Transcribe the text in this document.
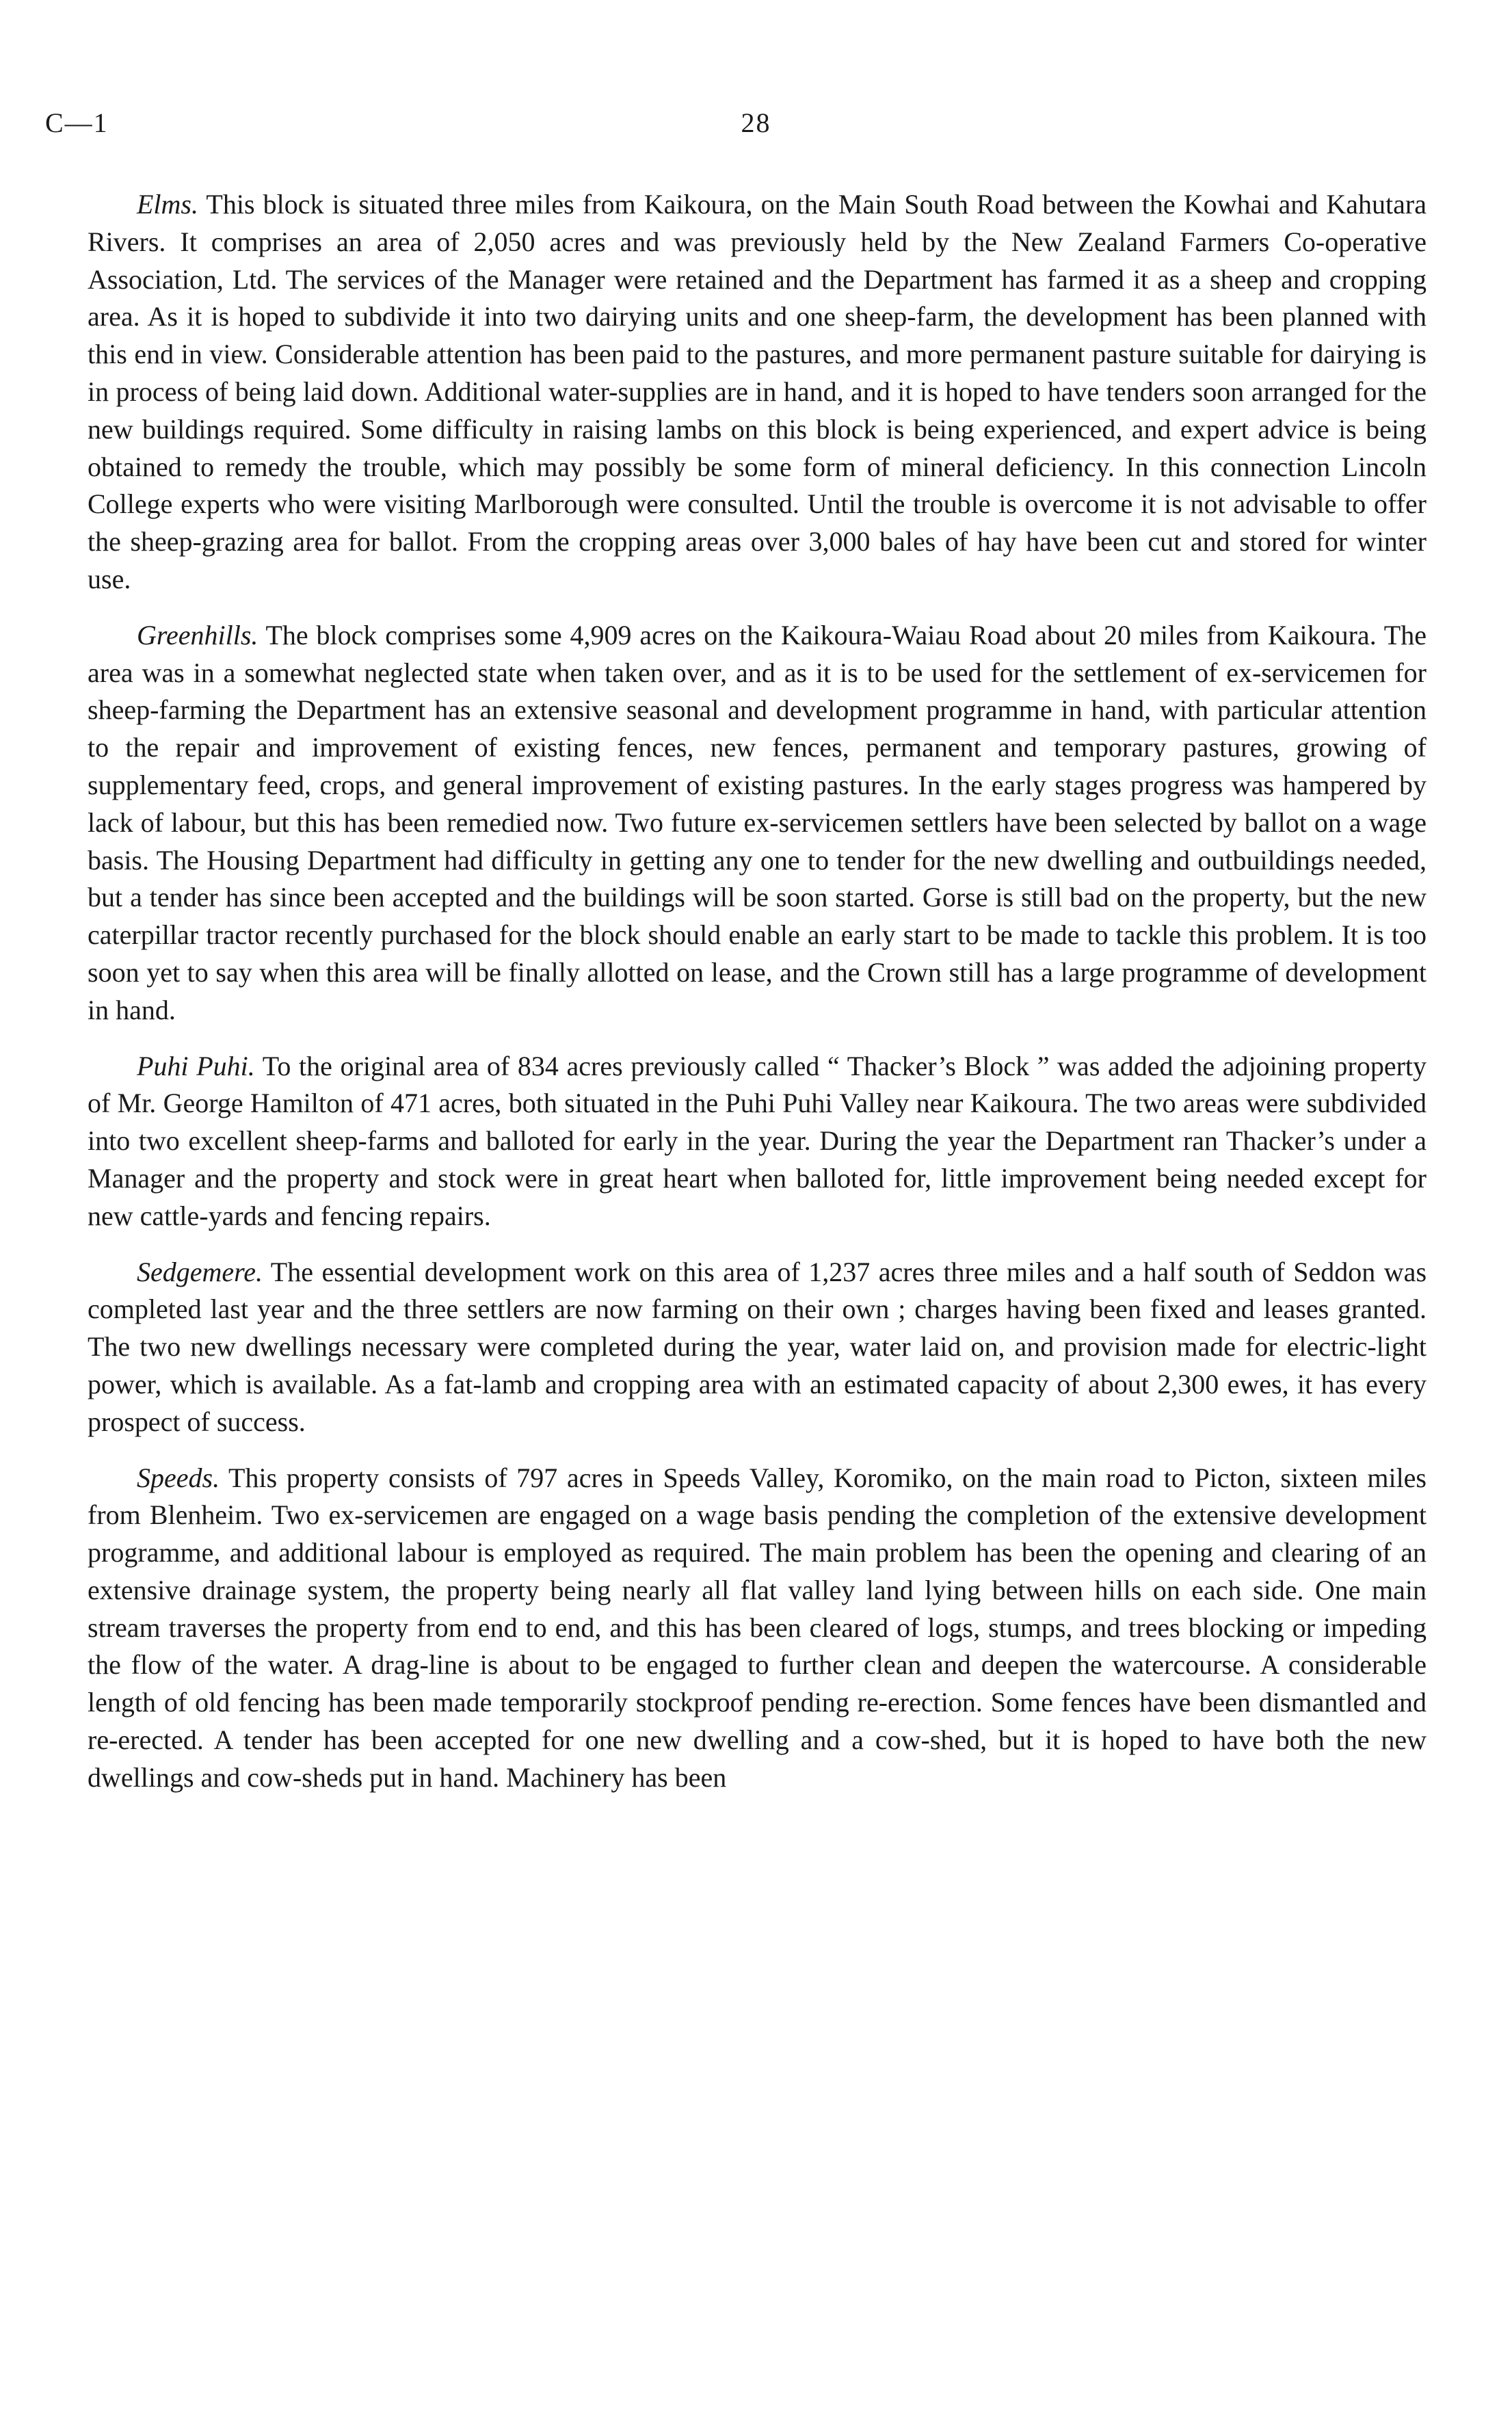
C—1	28

Elms. This block is situated three miles from Kaikoura, on the Main South Road between the Kowhai and Kahutara Rivers. It comprises an area of 2,050 acres and was previously held by the New Zealand Farmers Co-operative Association, Ltd. The services of the Manager were retained and the Department has farmed it as a sheep and cropping area. As it is hoped to subdivide it into two dairying units and one sheep-farm, the development has been planned with this end in view. Considerable attention has been paid to the pastures, and more permanent pasture suitable for dairying is in process of being laid down. Additional water-supplies are in hand, and it is hoped to have tenders soon arranged for the new buildings required. Some difficulty in raising lambs on this block is being experienced, and expert advice is being obtained to remedy the trouble, which may possibly be some form of mineral deficiency. In this connection Lincoln College experts who were visiting Marlborough were consulted. Until the trouble is overcome it is not advisable to offer the sheep-grazing area for ballot. From the cropping areas over 3,000 bales of hay have been cut and stored for winter use.

Greenhills. The block comprises some 4,909 acres on the Kaikoura-Waiau Road about 20 miles from Kaikoura. The area was in a somewhat neglected state when taken over, and as it is to be used for the settlement of ex-servicemen for sheep-farming the Department has an extensive seasonal and development programme in hand, with particular attention to the repair and improvement of existing fences, new fences, permanent and temporary pastures, growing of supplementary feed, crops, and general improvement of existing pastures. In the early stages progress was hampered by lack of labour, but this has been remedied now. Two future ex-servicemen settlers have been selected by ballot on a wage basis. The Housing Department had difficulty in getting any one to tender for the new dwelling and outbuildings needed, but a tender has since been accepted and the buildings will be soon started. Gorse is still bad on the property, but the new caterpillar tractor recently purchased for the block should enable an early start to be made to tackle this problem. It is too soon yet to say when this area will be finally allotted on lease, and the Crown still has a large programme of development in hand.

Puhi Puhi. To the original area of 834 acres previously called “ Thacker’s Block ” was added the adjoining property of Mr. George Hamilton of 471 acres, both situated in the Puhi Puhi Valley near Kaikoura. The two areas were subdivided into two excellent sheep-farms and balloted for early in the year. During the year the Department ran Thacker’s under a Manager and the property and stock were in great heart when balloted for, little improvement being needed except for new cattle-yards and fencing repairs.

Sedgemere. The essential development work on this area of 1,237 acres three miles and a half south of Seddon was completed last year and the three settlers are now farming on their own ; charges having been fixed and leases granted. The two new dwellings necessary were completed during the year, water laid on, and provision made for electric-light power, which is available. As a fat-lamb and cropping area with an estimated capacity of about 2,300 ewes, it has every prospect of success.

Speeds. This property consists of 797 acres in Speeds Valley, Koromiko, on the main road to Picton, sixteen miles from Blenheim. Two ex-servicemen are engaged on a wage basis pending the completion of the extensive development programme, and additional labour is employed as required. The main problem has been the opening and clearing of an extensive drainage system, the property being nearly all flat valley land lying between hills on each side. One main stream traverses the property from end to end, and this has been cleared of logs, stumps, and trees blocking or impeding the flow of the water. A drag-line is about to be engaged to further clean and deepen the watercourse. A considerable length of old fencing has been made temporarily stockproof pending re-erection. Some fences have been dismantled and re-erected. A tender has been accepted for one new dwelling and a cow-shed, but it is hoped to have both the new dwellings and cow-sheds put in hand. Machinery has been
